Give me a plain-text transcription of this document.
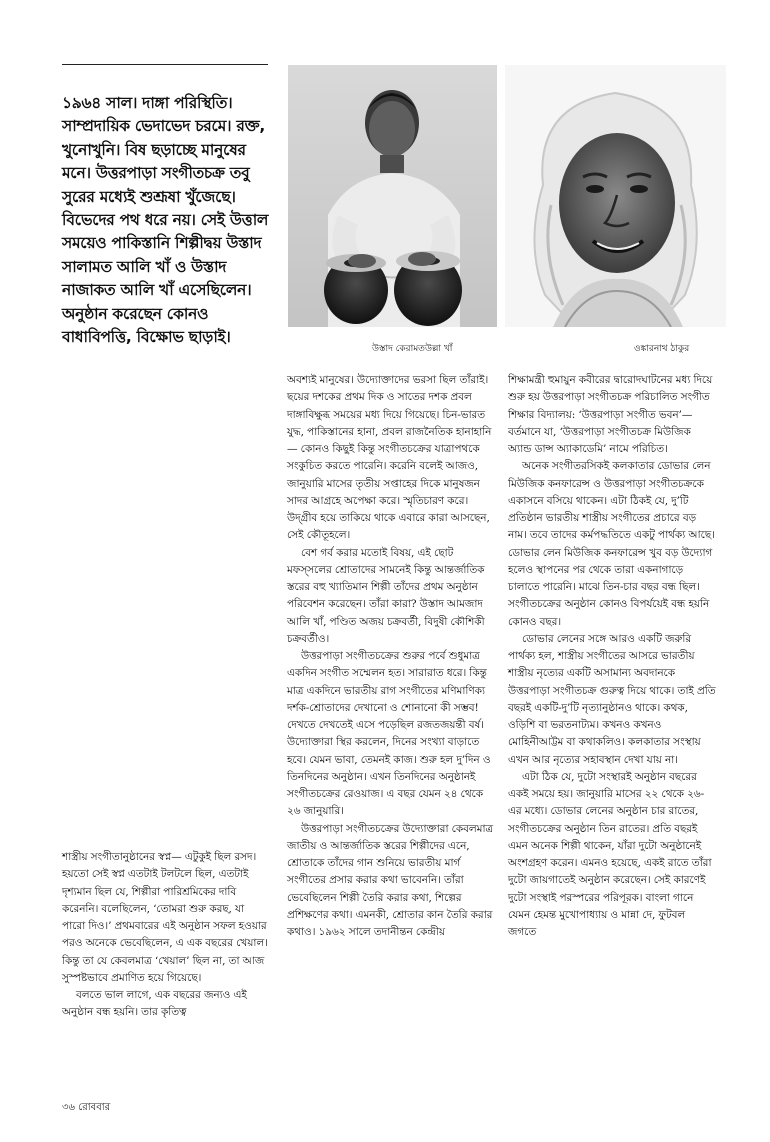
১৯৬৪ সাল। দাঙ্গা পরিস্থিতি। সাম্প্রদায়িক ভেদাভেদ চরমে। রক্ত, খুনোখুনি। বিষ ছড়াচ্ছে মানুষের মনে। উত্তরপাড়া সংগীতচক্র তবু সুরের মধ্যেই শুশ্রূষা খুঁজেছে। বিভেদের পথ ধরে নয়। সেই উত্তাল সময়েও পাকিস্তানি শিল্পীদ্বয় উস্তাদ সালামত আলি খাঁ ও উস্তাদ নাজাকত আলি খাঁ এসেছিলেন। অনুষ্ঠান করেছেন কোনও বাধাবিপত্তি, বিক্ষোভ ছাড়াই।
উস্তাদ কেরামতউল্লা খাঁ	ওঙ্কারনাথ ঠাকুর

শাস্ত্রীয় সংগীতানুষ্ঠানের স্বপ্ন— এটুকুই ছিল রসদ। হয়তো সেই স্বপ্ন এতটাই টলটলে ছিল, এতটাই দৃশ্যমান ছিল যে, শিল্পীরা পারিশ্রমিকের দাবি করেননি। বলেছিলেন, ‘তোমরা শুরু করছ, যা পারো দিও।’ প্রথমবারের এই অনুষ্ঠান সফল হওয়ার পরও অনেকে ভেবেছিলেন, এ এক বছরের খেয়াল। কিন্তু তা যে কেবলমাত্র ‘খেয়াল’ ছিল না, তা আজ সুস্পষ্টভাবে প্রমাণিত হয়ে গিয়েছে।

বলতে ভাল লাগে, এক বছরের জন্যও এই অনুষ্ঠান বন্ধ হয়নি। তার কৃতিত্ব

অবশ্যই মানুষের। উদ্যোক্তাদের ভরসা ছিল তাঁরাই। ছয়ের দশকের প্রথম দিক ও সাতের দশক প্রবল দাঙ্গাবিক্ষুব্ধ সময়ের মধ্য দিয়ে গিয়েছে। চিন-ভারত যুদ্ধ, পাকিস্তানের হানা, প্রবল রাজনৈতিক হানাহানি— কোনও কিছুই কিন্তু সংগীতচক্রের যাত্রাপথকে সংকুচিত করতে পারেনি। করেনি বলেই আজও, জানুয়ারি মাসের তৃতীয় সপ্তাহের দিকে মানুষজন সাদর আগ্রহে অপেক্ষা করে। স্মৃতিচারণ করে। উদ্গ্রীব হয়ে তাকিয়ে থাকে এবারে কারা আসছেন, সেই কৌতূহলে।

বেশ গর্ব করার মতোই বিষয়, এই ছোট মফস্সলের শ্রোতাদের সামনেই কিন্তু আন্তর্জাতিক স্তরের বহু খ্যাতিমান শিল্পী তাঁদের প্রথম অনুষ্ঠান পরিবেশন করেছেন। তাঁরা কারা? উস্তাদ আমজাদ আলি খাঁ, পণ্ডিত অজয় চক্রবর্তী, বিদুষী কৌশিকী চক্রবর্তীও।

উত্তরপাড়া সংগীতচক্রের শুরুর পর্বে শুধুমাত্র একদিন সংগীত সম্মেলন হত। সারারাত ধরে। কিন্তু মাত্র একদিনে ভারতীয় রাগ সংগীতের মণিমাণিক্য দর্শক-শ্রোতাদের দেখানো ও শোনানো কী সম্ভব! দেখতে দেখতেই এসে পড়েছিল রজতজয়ন্তী বর্ষ। উদ্যোক্তারা স্থির করলেন, দিনের সংখ্যা বাড়াতে হবে। যেমন ভাবা, তেমনই কাজ। শুরু হল দু’দিন ও তিনদিনের অনুষ্ঠান। এখন তিনদিনের অনুষ্ঠানই সংগীতচক্রের রেওয়াজ। এ বছর যেমন ২৪ থেকে ২৬ জানুয়ারি।

উত্তরপাড়া সংগীতচক্রের উদ্যোক্তারা কেবলমাত্র জাতীয় ও আন্তর্জাতিক স্তরের শিল্পীদের এনে, শ্রোতাকে তাঁদের গান শুনিয়ে ভারতীয় মার্গ সংগীতের প্রসার করার কথা ভাবেননি। তাঁরা ভেবেছিলেন শিল্পী তৈরি করার কথা, শিল্পের প্রশিক্ষণের কথা। এমনকী, শ্রোতার কান তৈরি করার কথাও। ১৯৬২ সালে তদানীন্তন কেন্দ্রীয়

শিক্ষামন্ত্রী হুমায়ুন কবীরের দ্বারোদঘাটনের মধ্য দিয়ে শুরু হয় উত্তরপাড়া সংগীতচক্র পরিচালিত সংগীত শিক্ষার বিদ্যালয়: ‘উত্তরপাড়া সংগীত ভবন’— বর্তমানে যা, ‘উত্তরপাড়া সংগীতচক্র মিউজিক অ্যান্ড ডান্স অ্যাকাডেমি’ নামে পরিচিত।

অনেক সংগীতরসিকই কলকাতার ডোভার লেন মিউজিক কনফারেন্স ও উত্তরপাড়া সংগীতচক্রকে একাসনে বসিয়ে থাকেন। এটা ঠিকই যে, দু’টি প্রতিষ্ঠান ভারতীয় শাস্ত্রীয় সংগীতের প্রচারে বড় নাম। তবে তাদের কর্মপদ্ধতিতে একটু পার্থক্য আছে। ডোভার লেন মিউজিক কনফারেন্স খুব বড় উদ্যোগ হলেও স্থাপনের পর থেকে তারা একনাগাড়ে চালাতে পারেনি। মাঝে তিন-চার বছর বন্ধ ছিল। সংগীতচক্রের অনুষ্ঠান কোনও বিপর্যয়েই বন্ধ হয়নি কোনও বছর।

ডোভার লেনের সঙ্গে আরও একটি জরুরি পার্থক্য হল, শাস্ত্রীয় সংগীতের আসরে ভারতীয় শাস্ত্রীয় নৃত্যের একটি অসামান্য অবদানকে উত্তরপাড়া সংগীতচক্র গুরুত্ব দিয়ে থাকে। তাই প্রতি বছরই একটি-দু’টি নৃত্যানুষ্ঠানও থাকে। কথক, ওড়িশি বা ভরতনাট্যম। কখনও কখনও মোহিনীআট্টম বা কথাকলিও। কলকাতার সংস্থায় এখন আর নৃত্যের সহাবস্থান দেখা যায় না।

এটা ঠিক যে, দুটো সংস্থারই অনুষ্ঠান বছরের একই সময়ে হয়। জানুয়ারি মাসের ২২ থেকে ২৬-এর মধ্যে। ডোভার লেনের অনুষ্ঠান চার রাতের, সংগীতচক্রের অনুষ্ঠান তিন রাতের। প্রতি বছরই এমন অনেক শিল্পী থাকেন, যাঁরা দুটো অনুষ্ঠানেই অংশগ্রহণ করেন। এমনও হয়েছে, একই রাতে তাঁরা দুটো জায়গাতেই অনুষ্ঠান করেছেন। সেই কারণেই দুটো সংস্থাই পরস্পরের পরিপূরক। বাংলা গানে যেমন হেমন্ত মুখোপাধ্যায় ও মান্না দে, ফুটবল জগতে

৩৬ রোববার
